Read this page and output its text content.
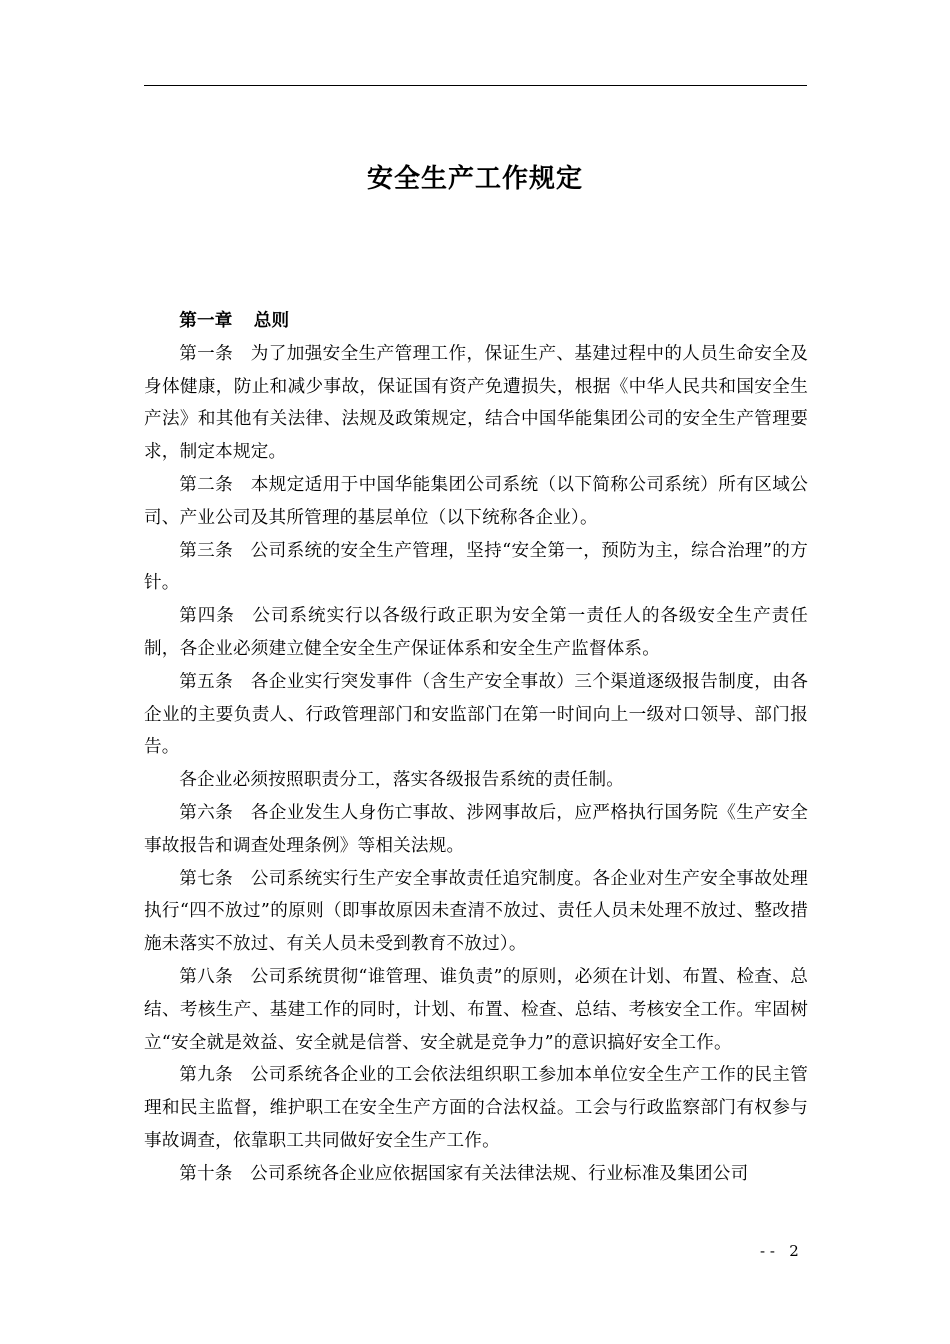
安全生产工作规定

第一章 总则

第一条 为了加强安全生产管理工作，保证生产、基建过程中的人员生命安全及身体健康，防止和减少事故，保证国有资产免遭损失，根据《中华人民共和国安全生产法》和其他有关法律、法规及政策规定，结合中国华能集团公司的安全生产管理要求，制定本规定。

第二条 本规定适用于中国华能集团公司系统（以下简称公司系统）所有区域公司、产业公司及其所管理的基层单位（以下统称各企业）。

第三条 公司系统的安全生产管理，坚持“安全第一，预防为主，综合治理”的方针。

第四条 公司系统实行以各级行政正职为安全第一责任人的各级安全生产责任制，各企业必须建立健全安全生产保证体系和安全生产监督体系。

第五条 各企业实行突发事件（含生产安全事故）三个渠道逐级报告制度，由各企业的主要负责人、行政管理部门和安监部门在第一时间向上一级对口领导、部门报告。

各企业必须按照职责分工，落实各级报告系统的责任制。

第六条 各企业发生人身伤亡事故、涉网事故后，应严格执行国务院《生产安全事故报告和调查处理条例》等相关法规。

第七条 公司系统实行生产安全事故责任追究制度。各企业对生产安全事故处理执行“四不放过”的原则（即事故原因未查清不放过、责任人员未处理不放过、整改措施未落实不放过、有关人员未受到教育不放过）。

第八条 公司系统贯彻“谁管理、谁负责”的原则，必须在计划、布置、检查、总结、考核生产、基建工作的同时，计划、布置、检查、总结、考核安全工作。牢固树立“安全就是效益、安全就是信誉、安全就是竞争力”的意识搞好安全工作。

第九条 公司系统各企业的工会依法组织职工参加本单位安全生产工作的民主管理和民主监督，维护职工在安全生产方面的合法权益。工会与行政监察部门有权参与事故调查，依靠职工共同做好安全生产工作。

第十条 公司系统各企业应依据国家有关法律法规、行业标准及集团公司

- -   2
